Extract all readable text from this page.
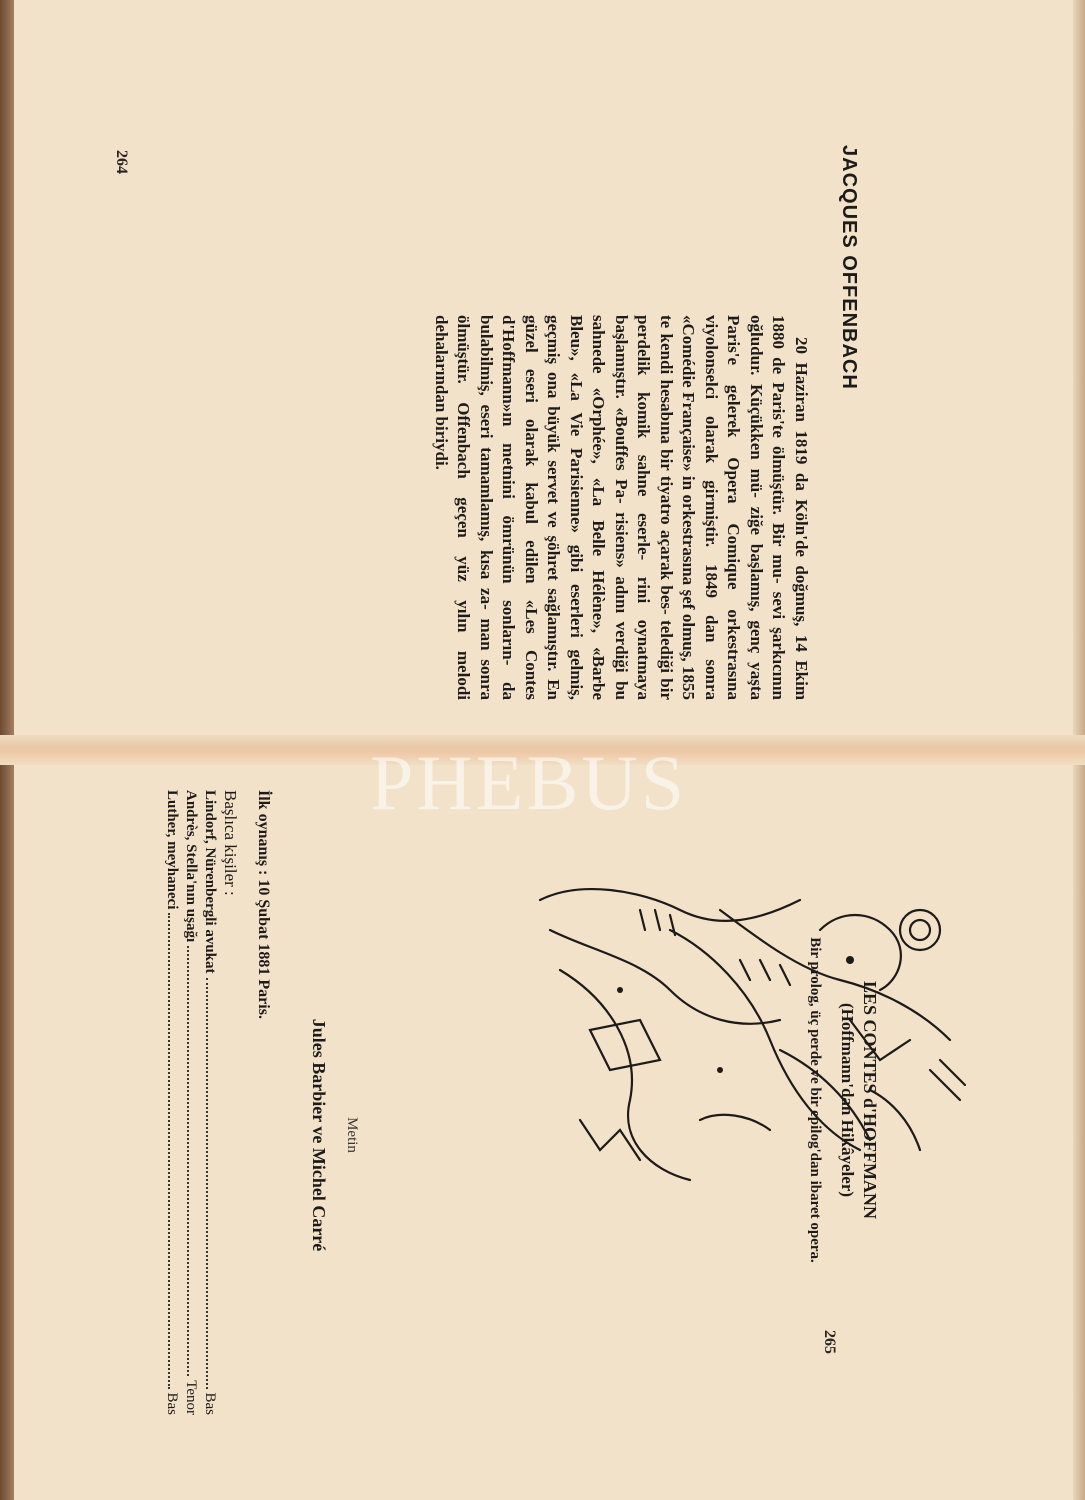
JACQUES OFFENBACH

20 Haziran 1819 da Köln'de doğmuş, 14 Ekim 1880 de Paris'te ölmüştür. Bir mu- sevi şarkıcının oğludur. Küçükken mü- ziğe başlamış, genç yaşta Paris'e gelerek Opera Comique orkestrasına viyolonselci olarak girmiştir. 1849 dan sonra «Comédie Française» in orkestrasına şef olmuş, 1855 te kendi hesabına bir tiyatro açarak bes- telediği bir perdelik komik sahne eserle- rini oynatmaya başlamıştır. «Bouffes Pa- risiens» adını verdiği bu sahnede «Orphée», «La Belle Hélène», «Barbe Bleu», «La Vie Parisienne» gibi eserleri gelmiş, geçmiş ona büyük servet ve şöhret sağlamıştır. En güzel eseri olarak kabul edilen «Les Contes d'Hoffmann»ın metnini ömrünün sonların- da bulabilmiş, eseri tamamlamış, kısa za- man sonra ölmüştür. Offenbach geçen yüz yılın melodi dehalarından biriydi.

264
LES CONTES d'HOFFMANN
(Hoffmann'dan Hikâyeler)
Bir prolog, üç perde ve bir epilog'dan ibaret opera.
Metin
Jules Barbier ve Michel Carré
İlk oynanış : 10 Şubat 1881 Paris.
Başlıca kişiler :
Lindorf, Nürenbergli avukat
Bas
Andrès, Stella'nın uşağı
Tenor
Luther, meyhaneci
Bas
265
PHEBUS
